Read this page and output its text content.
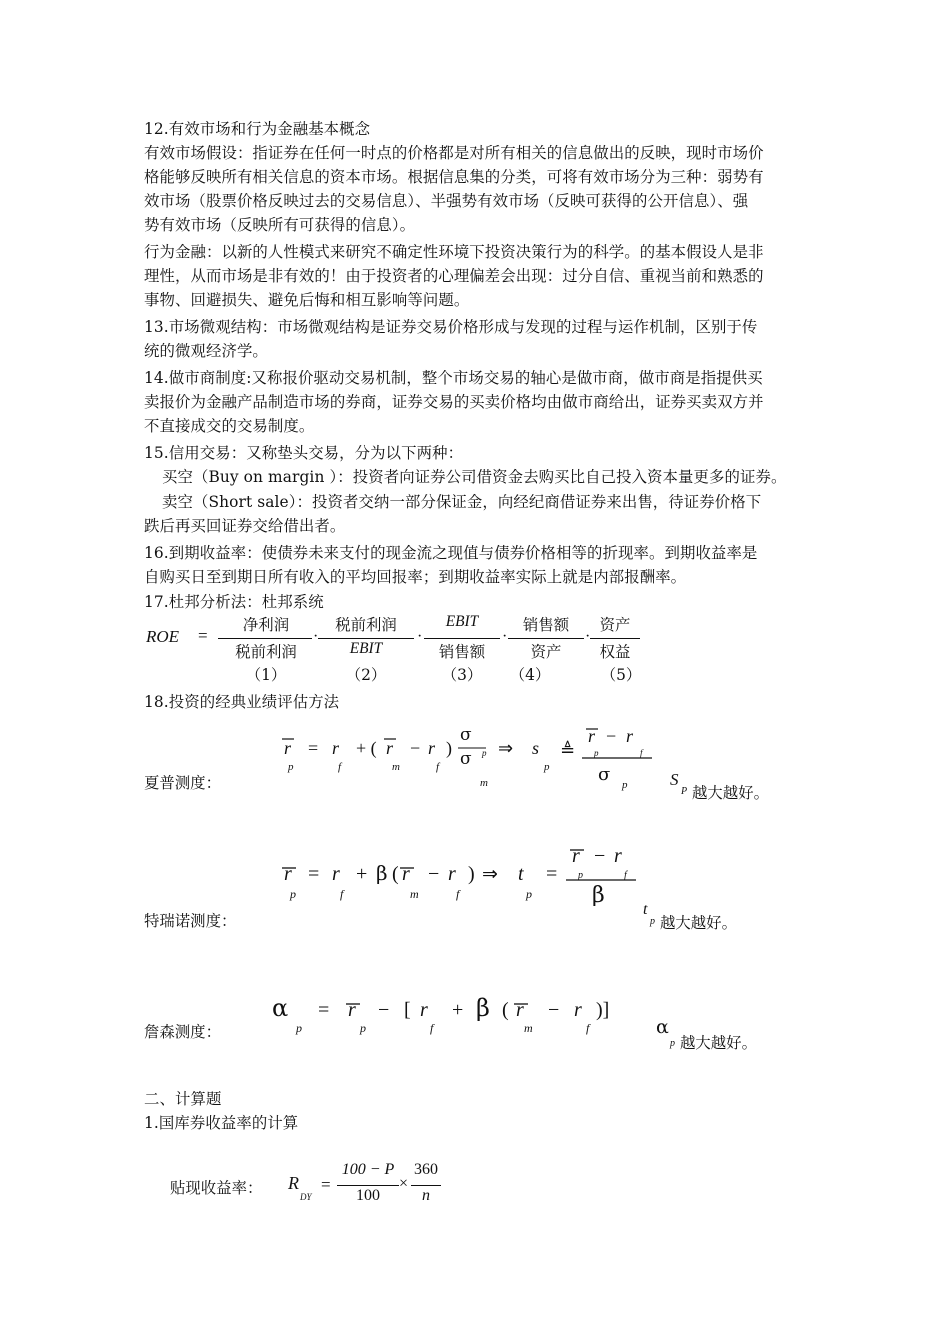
12.有效市场和行为金融基本概念
有效市场假设：指证券在任何一时点的价格都是对所有相关的信息做出的反映，现时市场价
格能够反映所有相关信息的资本市场。根据信息集的分类，可将有效市场分为三种：弱势有
效市场（股票价格反映过去的交易信息）、半强势有效市场（反映可获得的公开信息）、强
势有效市场（反映所有可获得的信息）。
行为金融：以新的人性模式来研究不确定性环境下投资决策行为的科学。的基本假设人是非
理性，从而市场是非有效的！由于投资者的心理偏差会出现：过分自信、重视当前和熟悉的
事物、回避损失、避免后悔和相互影响等问题。
13.市场微观结构：市场微观结构是证券交易价格形成与发现的过程与运作机制，区别于传
统的微观经济学。
14.做市商制度:又称报价驱动交易机制，整个市场交易的轴心是做市商，做市商是指提供买
卖报价为金融产品制造市场的券商，证券交易的买卖价格均由做市商给出，证券买卖双方并
不直接成交的交易制度。
15.信用交易：又称垫头交易，分为以下两种：
买空（Buy on margin ）：投资者向证券公司借资金去购买比自己投入资本量更多的证券。
卖空（Short sale）：投资者交纳一部分保证金，向经纪商借证券来出售，待证券价格下
跌后再买回证券交给借出者。
16.到期收益率：使债券未来支付的现金流之现值与债券价格相等的折现率。到期收益率是
自购买日至到期日所有收入的平均回报率；到期收益率实际上就是内部报酬率。
17.杜邦分析法：杜邦系统
ROE =
净利润
税前利润
（1）
·
税前利润
EBIT
（2）
·
EBIT
销售额
（3）
·
销售额
资产
（4）
·
资产
权益
（5）
18.投资的经典业绩评估方法
夏普测度：
r
p
= r
f
+ ( r
m
− r
f
)
σ
p
σ
m
⇒ s
p
≜
r − r
p	f
σ p	S
P 越大越好。
特瑞诺测度：
r
p
= r
f
+ β ( r
m
− r
f
) ⇒ t
p
=
r − r
p	f
β
t
p 越大越好。
詹森测度：
α
p
= r
p
− [ r
f
+ β ( r
m
− r
f
)]
α
p 越大越好。
二、计算题
1.国库券收益率的计算
贴现收益率： R
DY
=
100 − P
100
×
360
n
